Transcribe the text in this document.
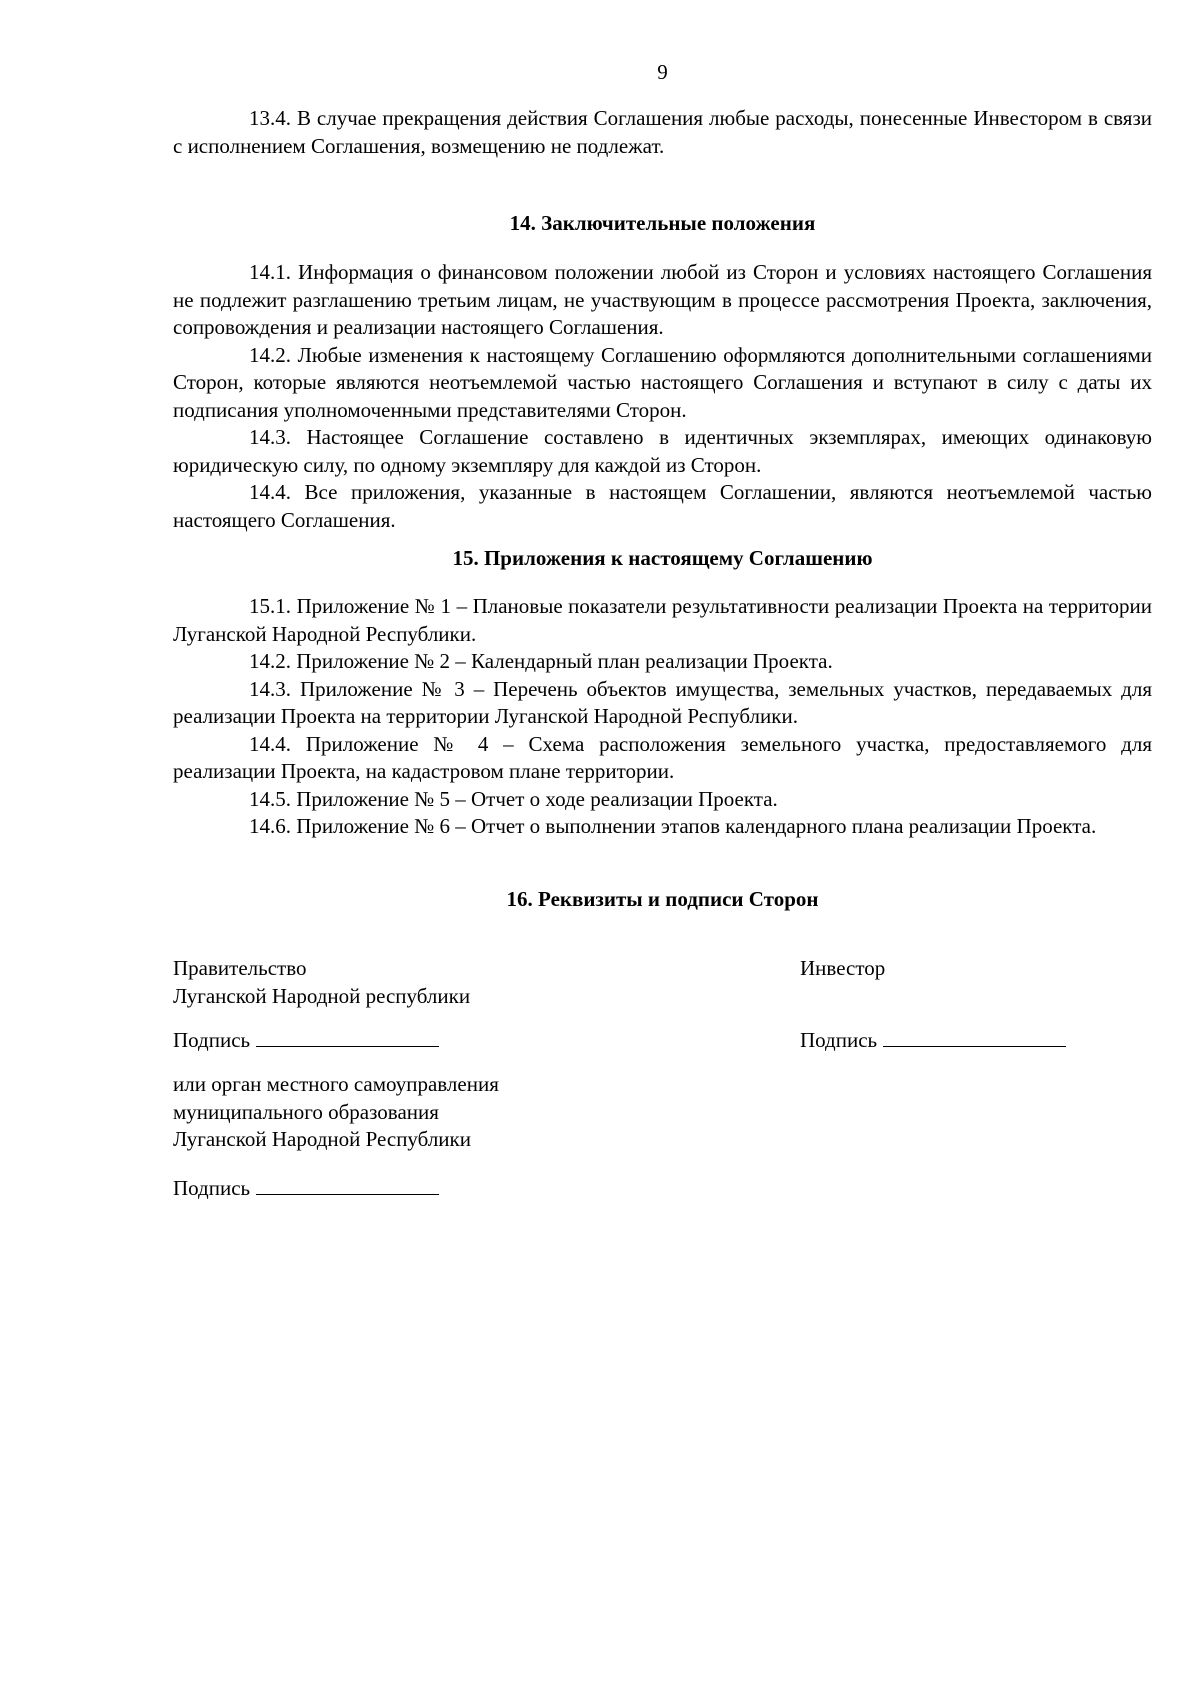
9

13.4. В случае прекращения действия Соглашения любые расходы, понесенные Инвестором в связи с исполнением Соглашения, возмещению не подлежат.

14. Заключительные положения

14.1. Информация о финансовом положении любой из Сторон и условиях настоящего Соглашения не подлежит разглашению третьим лицам, не участвующим в процессе рассмотрения Проекта, заключения, сопровождения и реализации настоящего Соглашения.

14.2. Любые изменения к настоящему Соглашению оформляются дополнительными соглашениями Сторон, которые являются неотъемлемой частью настоящего Соглашения и вступают в силу с даты их подписания уполномоченными представителями Сторон.

14.3. Настоящее Соглашение составлено в идентичных экземплярах, имеющих одинаковую юридическую силу, по одному экземпляру для каждой из Сторон.

14.4. Все приложения, указанные в настоящем Соглашении, являются неотъемлемой частью настоящего Соглашения.

15. Приложения к настоящему Соглашению

15.1. Приложение № 1 – Плановые показатели результативности реализации Проекта на территории Луганской Народной Республики.

14.2. Приложение № 2 – Календарный план реализации Проекта.

14.3. Приложение № 3 – Перечень объектов имущества, земельных участков, передаваемых для реализации Проекта на территории Луганской Народной Республики.

14.4. Приложение № 4 – Схема расположения земельного участка, предоставляемого для реализации Проекта, на кадастровом плане территории.

14.5. Приложение № 5 – Отчет о ходе реализации Проекта.

14.6. Приложение № 6 – Отчет о выполнении этапов календарного плана реализации Проекта.

16. Реквизиты и подписи Сторон
Правительство
Луганской Народной республики
Подпись
или орган местного самоуправления
муниципального образования
Луганской Народной Республики
Подпись
Инвестор
Подпись
